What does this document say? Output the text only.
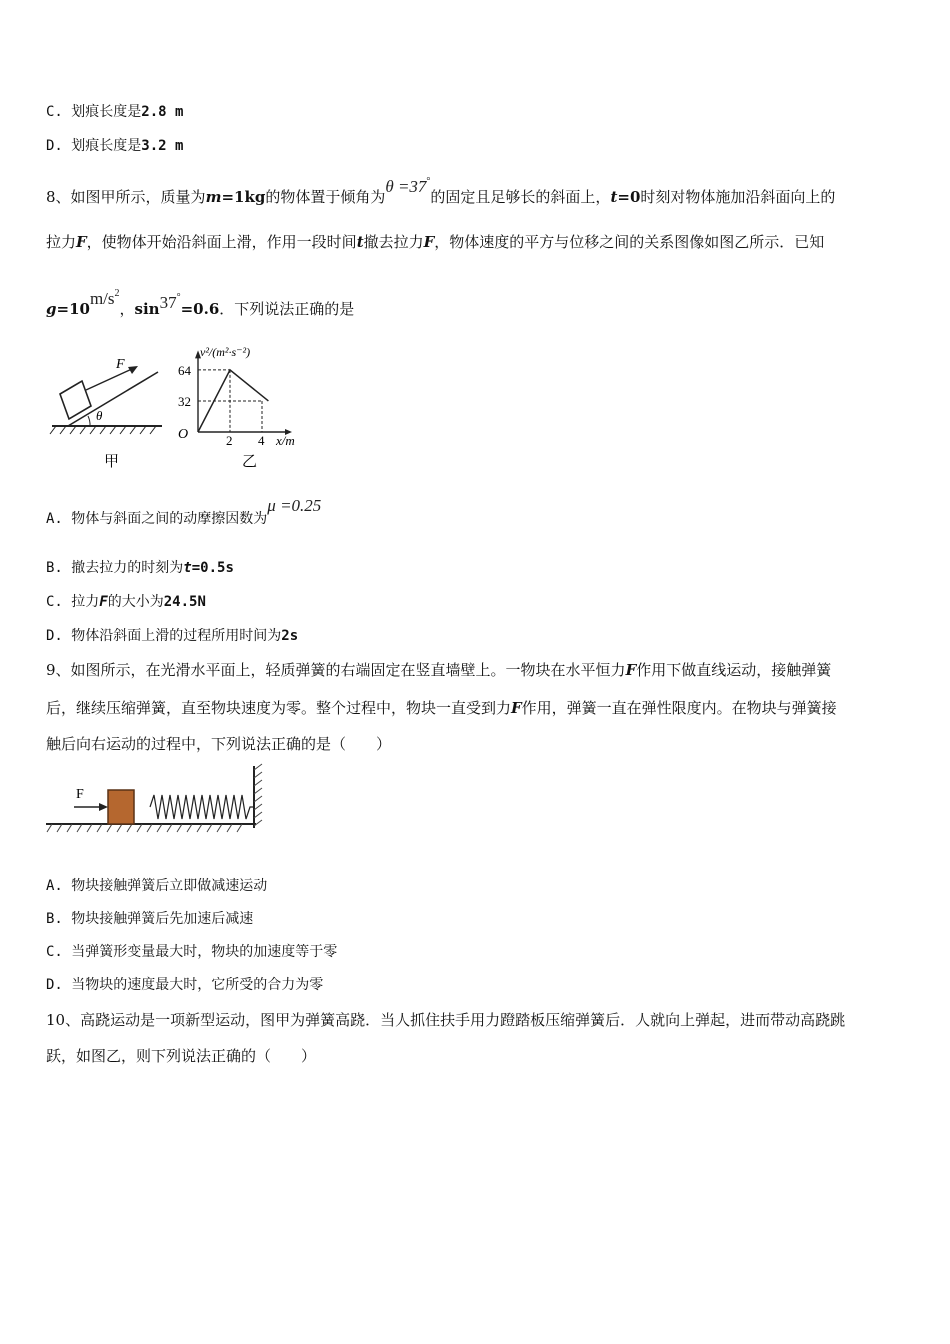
C. 划痕长度是2.8 m
D. 划痕长度是3.2 m
8、如图甲所示，质量为m=1kg的物体置于倾角为θ =37°的固定且足够长的斜面上，t=0时刻对物体施加沿斜面向上的
拉力F，使物体开始沿斜面上滑，作用一段时间t撤去拉力F，物体速度的平方与位移之间的关系图像如图乙所示．已知
$g=10m/s^2$，sin37°=0.6．下列说法正确的是
F
θ
甲
v²/(m²·s⁻²)
64
32
O	2 4 x/m
乙
A. 物体与斜面之间的动摩擦因数为μ =0.25
B. 撤去拉力的时刻为t=0.5s
C. 拉力F的大小为24.5N
D. 物体沿斜面上滑的过程所用时间为2s
9、如图所示，在光滑水平面上，轻质弹簧的右端固定在竖直墙壁上。一物块在水平恒力F作用下做直线运动，接触弹簧
后，继续压缩弹簧，直至物块速度为零。整个过程中，物块一直受到力F作用，弹簧一直在弹性限度内。在物块与弹簧接
触后向右运动的过程中，下列说法正确的是（　　）
F
A. 物块接触弹簧后立即做减速运动
B. 物块接触弹簧后先加速后减速
C. 当弹簧形变量最大时，物块的加速度等于零
D. 当物块的速度最大时，它所受的合力为零
10、高跷运动是一项新型运动，图甲为弹簧高跷．当人抓住扶手用力蹬踏板压缩弹簧后．人就向上弹起，进而带动高跷跳
跃，如图乙，则下列说法正确的（　　）
